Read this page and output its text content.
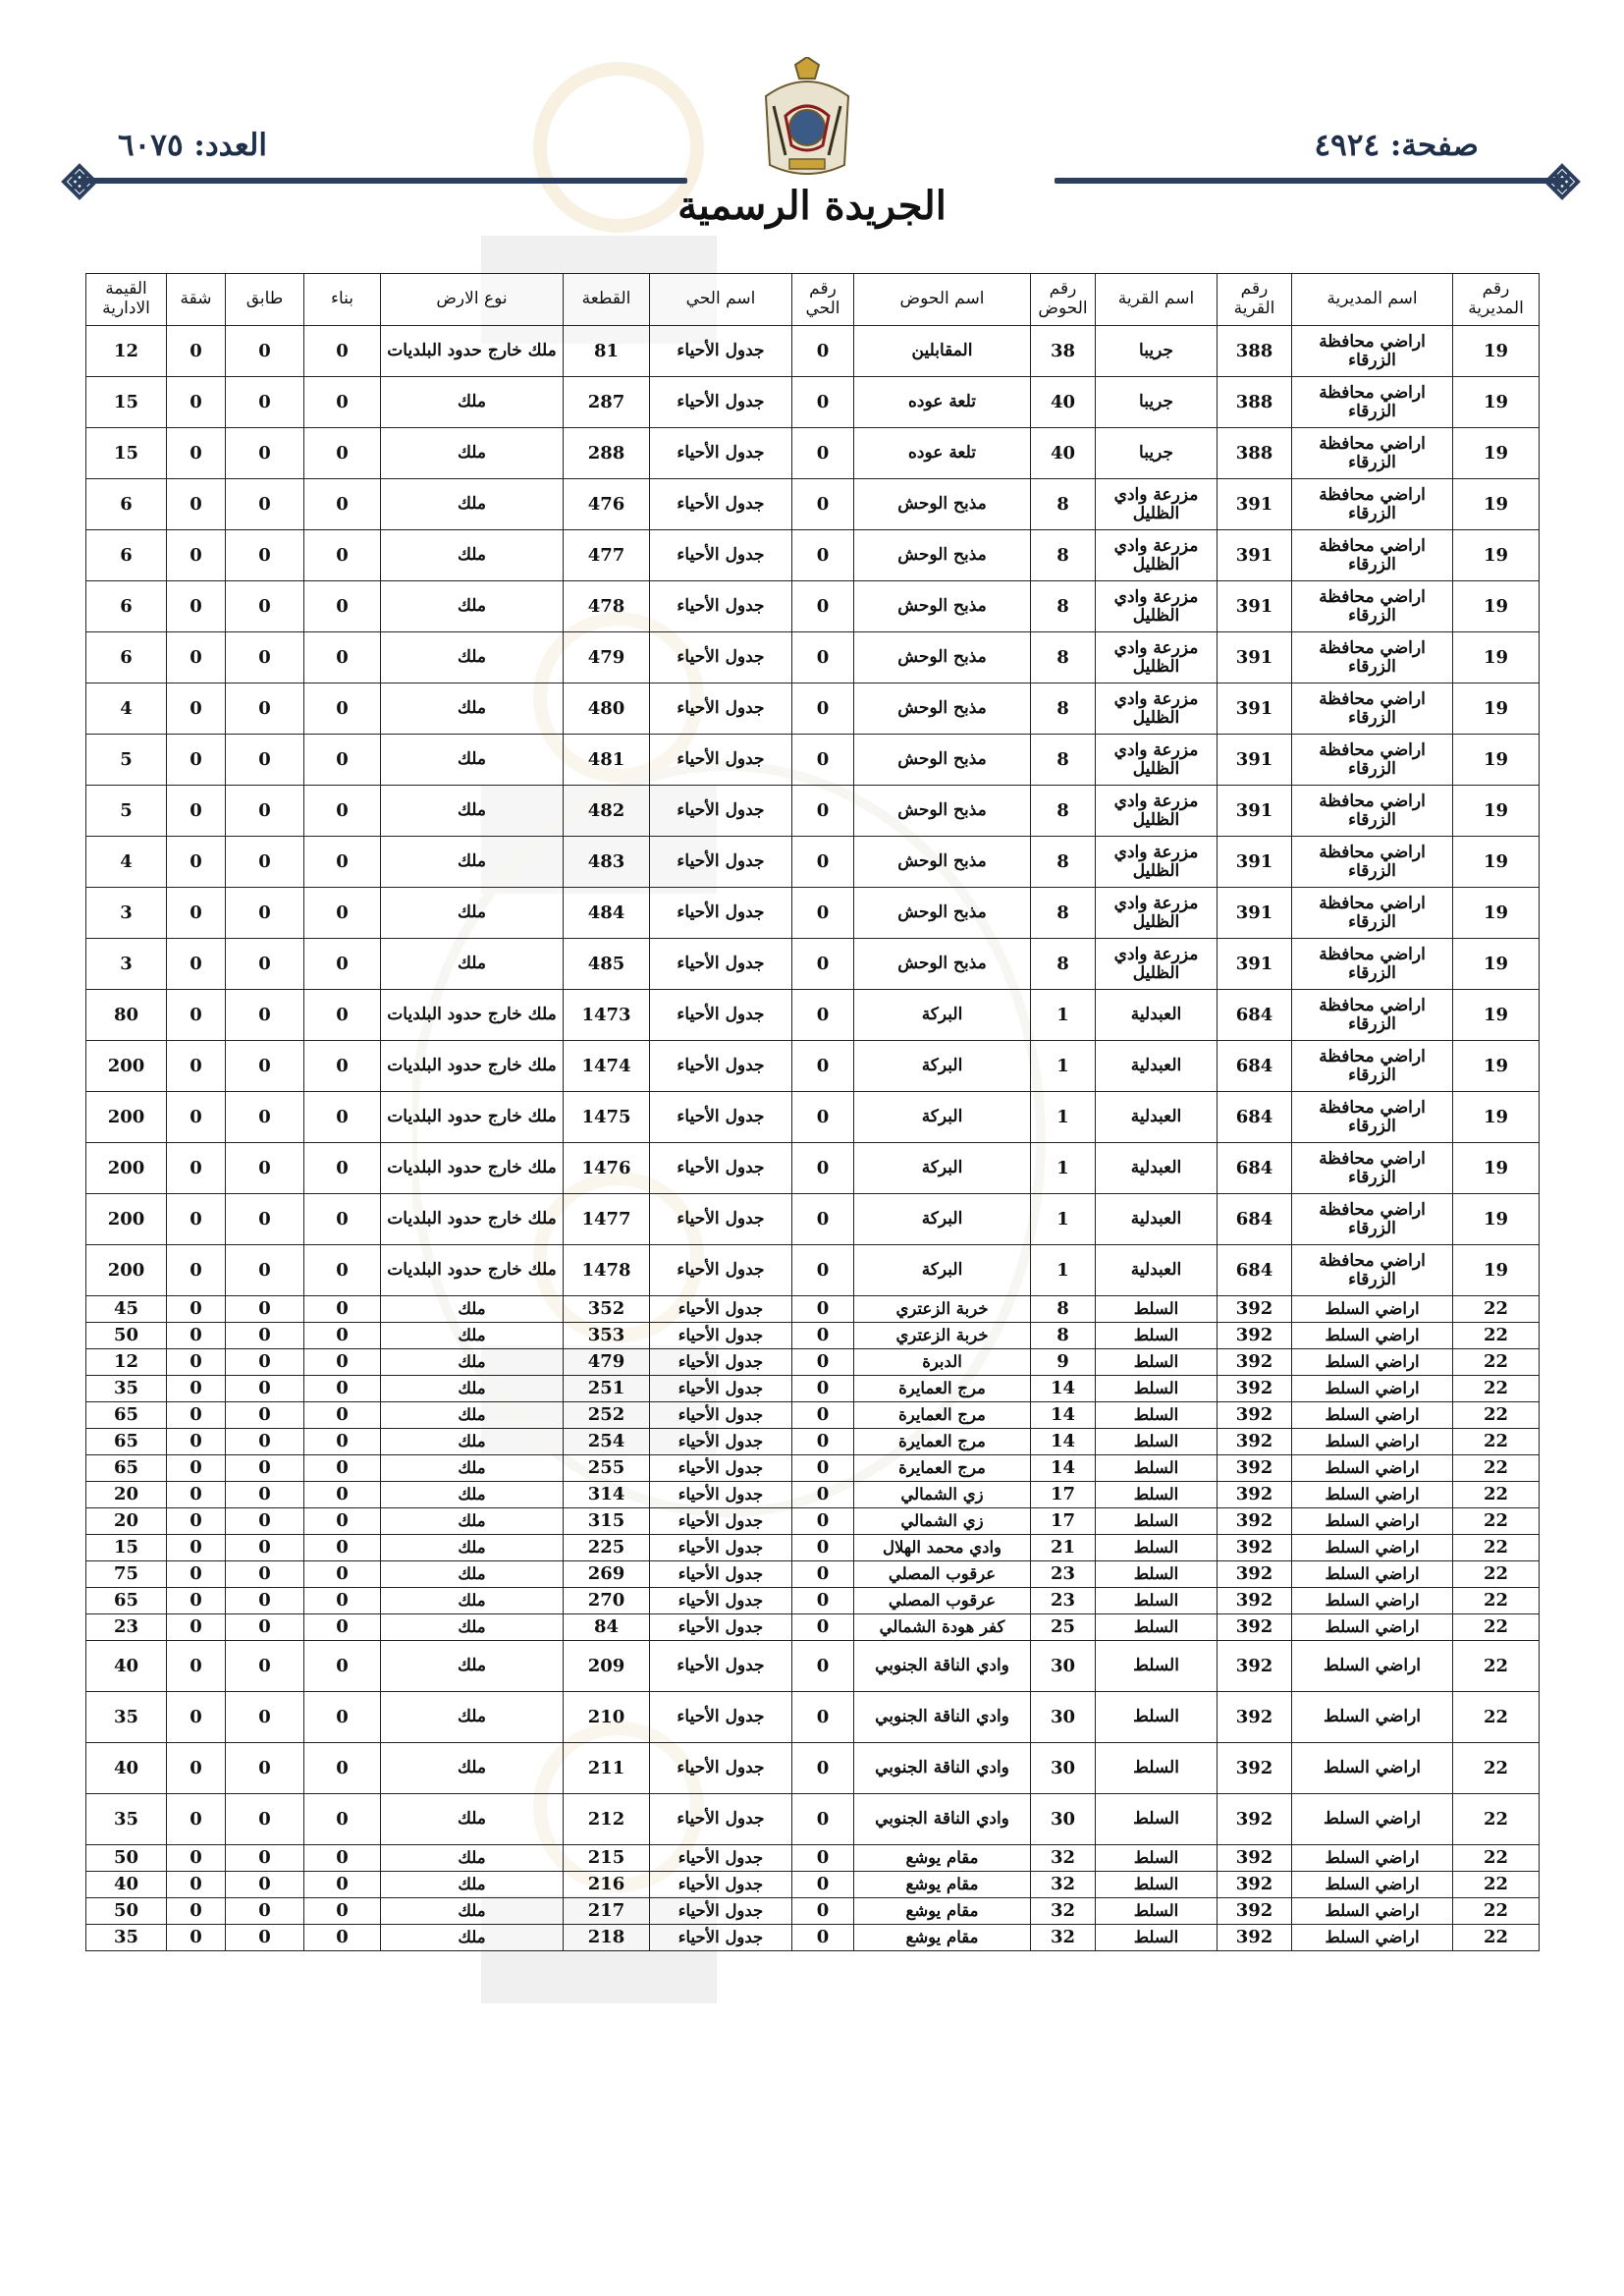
صفحة: ٤٩٢٤
العدد: ٦٠٧٥
الجريدة الرسمية
رقم المديرية	اسم المديرية	رقم القرية	اسم القرية	رقم الحوض	اسم الحوض	رقم الحي	اسم الحي	القطعة	نوع الارض	بناء	طابق	شقة	القيمة الادارية
19	اراضي محافظة الزرقاء	388	جريبا	38	المقابلين	0	جدول الأحياء	81	ملك خارج حدود البلديات	0	0	0	12
19	اراضي محافظة الزرقاء	388	جريبا	40	تلعة عوده	0	جدول الأحياء	287	ملك	0	0	0	15
19	اراضي محافظة الزرقاء	388	جريبا	40	تلعة عوده	0	جدول الأحياء	288	ملك	0	0	0	15
19	اراضي محافظة الزرقاء	391	مزرعة وادي الظليل	8	مذبح الوحش	0	جدول الأحياء	476	ملك	0	0	0	6
19	اراضي محافظة الزرقاء	391	مزرعة وادي الظليل	8	مذبح الوحش	0	جدول الأحياء	477	ملك	0	0	0	6
19	اراضي محافظة الزرقاء	391	مزرعة وادي الظليل	8	مذبح الوحش	0	جدول الأحياء	478	ملك	0	0	0	6
19	اراضي محافظة الزرقاء	391	مزرعة وادي الظليل	8	مذبح الوحش	0	جدول الأحياء	479	ملك	0	0	0	6
19	اراضي محافظة الزرقاء	391	مزرعة وادي الظليل	8	مذبح الوحش	0	جدول الأحياء	480	ملك	0	0	0	4
19	اراضي محافظة الزرقاء	391	مزرعة وادي الظليل	8	مذبح الوحش	0	جدول الأحياء	481	ملك	0	0	0	5
19	اراضي محافظة الزرقاء	391	مزرعة وادي الظليل	8	مذبح الوحش	0	جدول الأحياء	482	ملك	0	0	0	5
19	اراضي محافظة الزرقاء	391	مزرعة وادي الظليل	8	مذبح الوحش	0	جدول الأحياء	483	ملك	0	0	0	4
19	اراضي محافظة الزرقاء	391	مزرعة وادي الظليل	8	مذبح الوحش	0	جدول الأحياء	484	ملك	0	0	0	3
19	اراضي محافظة الزرقاء	391	مزرعة وادي الظليل	8	مذبح الوحش	0	جدول الأحياء	485	ملك	0	0	0	3
19	اراضي محافظة الزرقاء	684	العبدلية	1	البركة	0	جدول الأحياء	1473	ملك خارج حدود البلديات	0	0	0	80
19	اراضي محافظة الزرقاء	684	العبدلية	1	البركة	0	جدول الأحياء	1474	ملك خارج حدود البلديات	0	0	0	200
19	اراضي محافظة الزرقاء	684	العبدلية	1	البركة	0	جدول الأحياء	1475	ملك خارج حدود البلديات	0	0	0	200
19	اراضي محافظة الزرقاء	684	العبدلية	1	البركة	0	جدول الأحياء	1476	ملك خارج حدود البلديات	0	0	0	200
19	اراضي محافظة الزرقاء	684	العبدلية	1	البركة	0	جدول الأحياء	1477	ملك خارج حدود البلديات	0	0	0	200
19	اراضي محافظة الزرقاء	684	العبدلية	1	البركة	0	جدول الأحياء	1478	ملك خارج حدود البلديات	0	0	0	200
22	اراضي السلط	392	السلط	8	خربة الزعتري	0	جدول الأحياء	352	ملك	0	0	0	45
22	اراضي السلط	392	السلط	8	خربة الزعتري	0	جدول الأحياء	353	ملك	0	0	0	50
22	اراضي السلط	392	السلط	9	الدبرة	0	جدول الأحياء	479	ملك	0	0	0	12
22	اراضي السلط	392	السلط	14	مرج العمايرة	0	جدول الأحياء	251	ملك	0	0	0	35
22	اراضي السلط	392	السلط	14	مرج العمايرة	0	جدول الأحياء	252	ملك	0	0	0	65
22	اراضي السلط	392	السلط	14	مرج العمايرة	0	جدول الأحياء	254	ملك	0	0	0	65
22	اراضي السلط	392	السلط	14	مرج العمايرة	0	جدول الأحياء	255	ملك	0	0	0	65
22	اراضي السلط	392	السلط	17	زي الشمالي	0	جدول الأحياء	314	ملك	0	0	0	20
22	اراضي السلط	392	السلط	17	زي الشمالي	0	جدول الأحياء	315	ملك	0	0	0	20
22	اراضي السلط	392	السلط	21	وادي محمد الهلال	0	جدول الأحياء	225	ملك	0	0	0	15
22	اراضي السلط	392	السلط	23	عرقوب المصلي	0	جدول الأحياء	269	ملك	0	0	0	75
22	اراضي السلط	392	السلط	23	عرقوب المصلي	0	جدول الأحياء	270	ملك	0	0	0	65
22	اراضي السلط	392	السلط	25	كفر هودة الشمالي	0	جدول الأحياء	84	ملك	0	0	0	23
22	اراضي السلط	392	السلط	30	وادي الناقة الجنوبي	0	جدول الأحياء	209	ملك	0	0	0	40
22	اراضي السلط	392	السلط	30	وادي الناقة الجنوبي	0	جدول الأحياء	210	ملك	0	0	0	35
22	اراضي السلط	392	السلط	30	وادي الناقة الجنوبي	0	جدول الأحياء	211	ملك	0	0	0	40
22	اراضي السلط	392	السلط	30	وادي الناقة الجنوبي	0	جدول الأحياء	212	ملك	0	0	0	35
22	اراضي السلط	392	السلط	32	مقام يوشع	0	جدول الأحياء	215	ملك	0	0	0	50
22	اراضي السلط	392	السلط	32	مقام يوشع	0	جدول الأحياء	216	ملك	0	0	0	40
22	اراضي السلط	392	السلط	32	مقام يوشع	0	جدول الأحياء	217	ملك	0	0	0	50
22	اراضي السلط	392	السلط	32	مقام يوشع	0	جدول الأحياء	218	ملك	0	0	0	35
